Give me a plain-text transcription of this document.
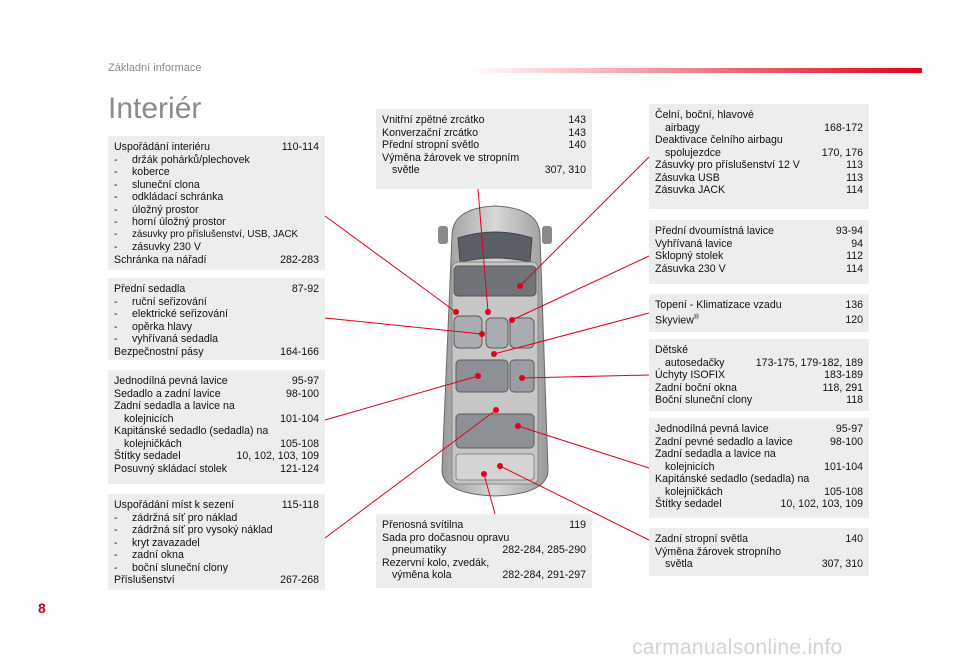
Základní informace
Interiér
Uspořádání interiéru	110-114
-	držák pohárků/plechovek
-	koberce
-	sluneční clona
-	odkládací schránka
-	úložný prostor
-	horní úložný prostor
-	zásuvky pro příslušenství, USB, JACK
-	zásuvky 230 V
Schránka na nářadí	282-283
Přední sedadla	87-92
-	ruční seřizování
-	elektrické seřizování
-	opěrka hlavy
-	vyhřívaná sedadla
Bezpečnostní pásy	164-166
Jednodílná pevná lavice	95-97
Sedadlo a zadní lavice	98-100
Zadní sedadla a lavice na
kolejnicích	101-104
Kapitánské sedadlo (sedadla) na
kolejničkách	105-108
Štítky sedadel	10, 102, 103, 109
Posuvný skládací stolek	121-124
Uspořádání míst k sezení	115-118
-	zádržná síť pro náklad
-	zádržná síť pro vysoký náklad
-	kryt zavazadel
-	zadní okna
-	boční sluneční clony
Příslušenství	267-268
Vnitřní zpětné zrcátko	143
Konverzační zrcátko	143
Přední stropní světlo	140
Výměna žárovek ve stropním
světle	307, 310
Přenosná svítilna	119
Sada pro dočasnou opravu
pneumatiky	282-284, 285-290
Rezervní kolo, zvedák,
výměna kola	282-284, 291-297
Čelní, boční, hlavové
airbagy	168-172
Deaktivace čelního airbagu
spolujezdce	170, 176
Zásuvky pro příslušenství 12 V	113
Zásuvka USB	113
Zásuvka JACK	114
Přední dvoumístná lavice	93-94
Vyhřívaná lavice	94
Sklopný stolek	112
Zásuvka 230 V	114
Topení - Klimatizace vzadu	136
Skyview®	120
Dětské
autosedačky	173-175, 179-182, 189
Úchyty ISOFIX	183-189
Zadní boční okna	118, 291
Boční sluneční clony	118
Jednodílná pevná lavice	95-97
Zadní pevné sedadlo a lavice	98-100
Zadní sedadla a lavice na
kolejnicích	101-104
Kapitánské sedadlo (sedadla) na
kolejničkách	105-108
Štítky sedadel	10, 102, 103, 109
Zadní stropní světla	140
Výměna žárovek stropního
světla	307, 310
8
carmanualsonline.info
